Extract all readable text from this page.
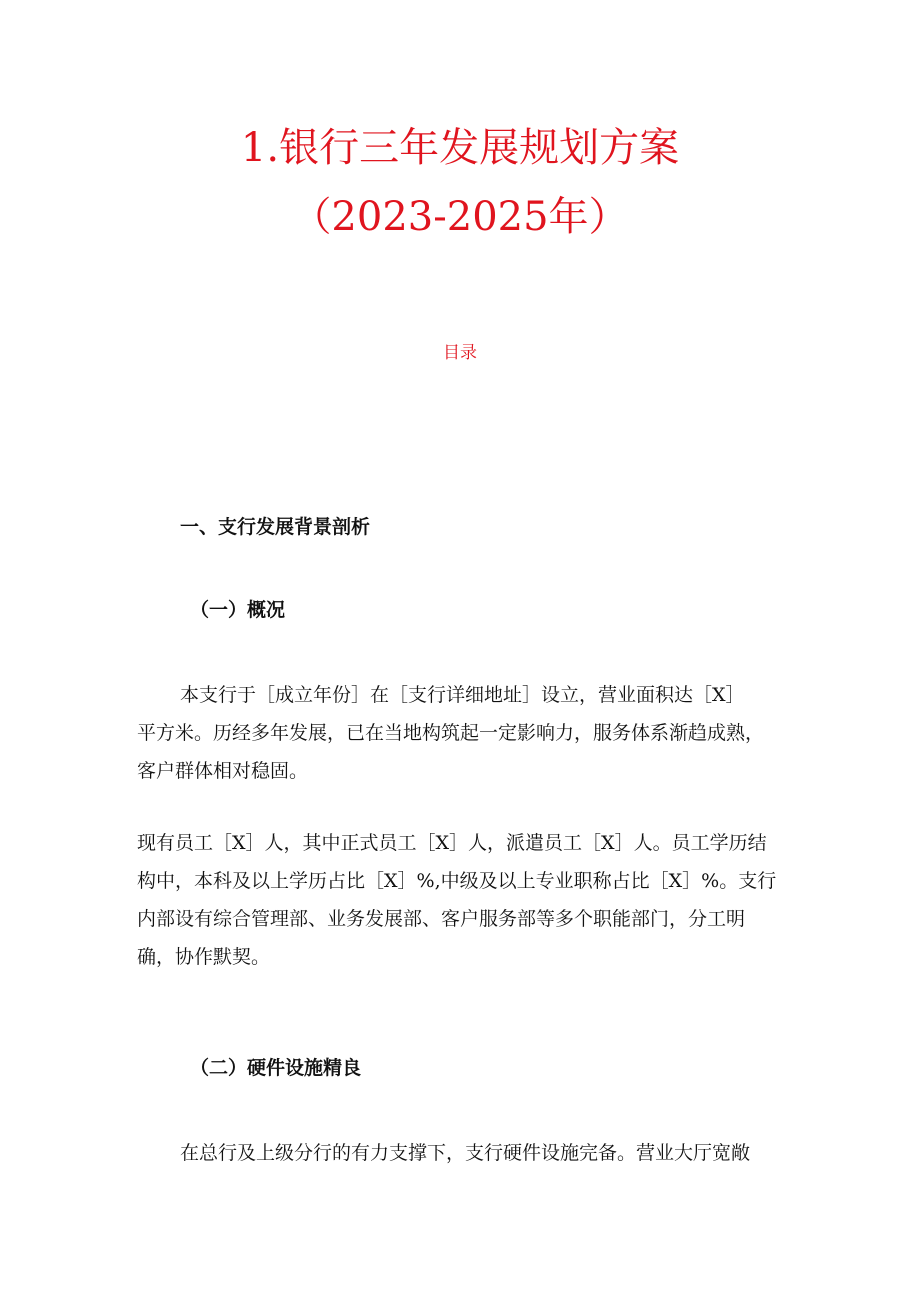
1.银行三年发展规划方案
（2023-2025年）
目录
一、支行发展背景剖析
（一）概况

本支行于［成立年份］在［支行详细地址］设立，营业面积达［X］
平方米。历经多年发展，已在当地构筑起一定影响力，服务体系渐趋成熟，
客户群体相对稳固。

现有员工［X］人，其中正式员工［X］人，派遣员工［X］人。员工学历结
构中，本科及以上学历占比［X］%,中级及以上专业职称占比［X］%。支行
内部设有综合管理部、业务发展部、客户服务部等多个职能部门，分工明
确，协作默契。

（二）硬件设施精良

在总行及上级分行的有力支撑下，支行硬件设施完备。营业大厅宽敞
